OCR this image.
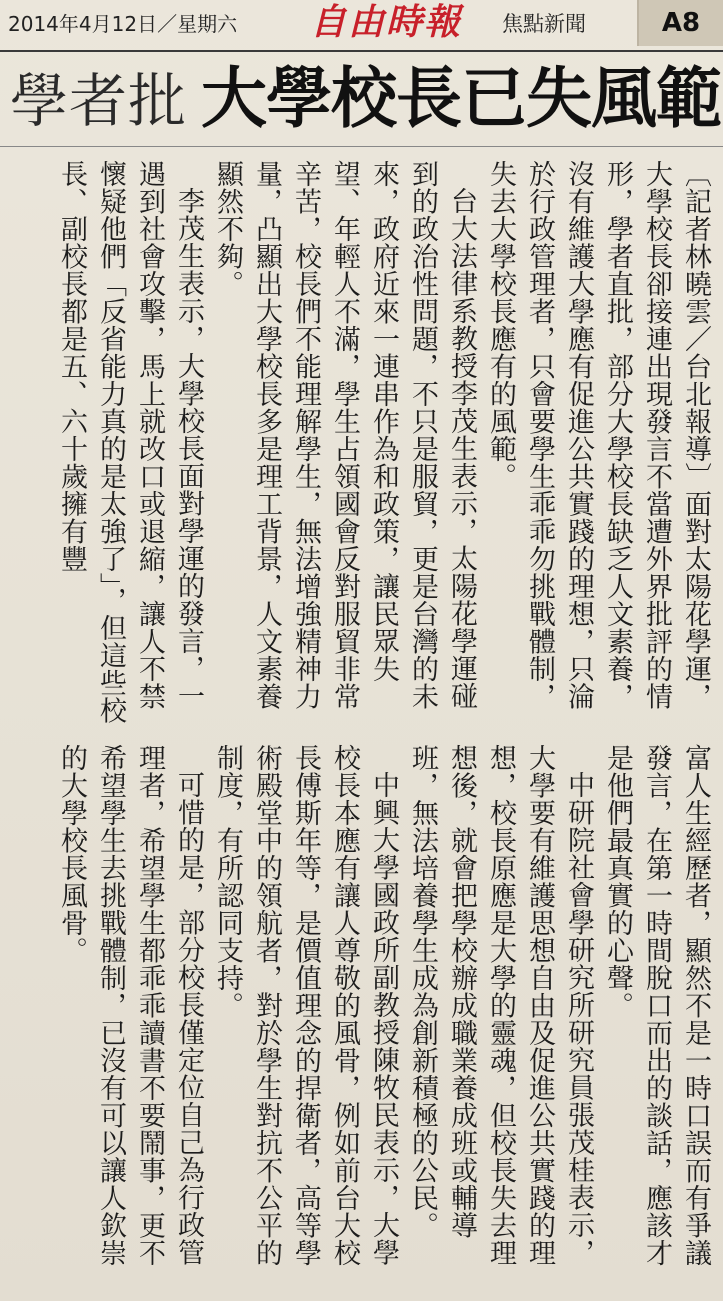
2014年4月12日／星期六 自由時報 焦點新聞	A8
學者批 大學校長已失風範

〔記者林曉雲／台北報導〕面對太陽花學運，大學校長卻接連出現發言不當遭外界批評的情形，學者直批，部分大學校長缺乏人文素養，沒有維護大學應有促進公共實踐的理想，只淪於行政管理者，只會要學生乖乖勿挑戰體制，失去大學校長應有的風範。

台大法律系教授李茂生表示，太陽花學運碰到的政治性問題，不只是服貿，更是台灣的未來，政府近來一連串作為和政策，讓民眾失望、年輕人不滿，學生占領國會反對服貿非常辛苦，校長們不能理解學生，無法增強精神力量，凸顯出大學校長多是理工背景，人文素養顯然不夠。

李茂生表示，大學校長面對學運的發言，一遇到社會攻擊，馬上就改口或退縮，讓人不禁懷疑他們「反省能力真的是太強了」，但這些校長、副校長都是五、六十歲擁有豐

富人生經歷者，顯然不是一時口誤而有爭議發言，在第一時間脫口而出的談話，應該才是他們最真實的心聲。

中研院社會學研究所研究員張茂桂表示，大學要有維護思想自由及促進公共實踐的理想，校長原應是大學的靈魂，但校長失去理想後，就會把學校辦成職業養成班或輔導班，無法培養學生成為創新積極的公民。

中興大學國政所副教授陳牧民表示，大學校長本應有讓人尊敬的風骨，例如前台大校長傅斯年等，是價值理念的捍衛者，高等學術殿堂中的領航者，對於學生對抗不公平的制度，有所認同支持。

可惜的是，部分校長僅定位自己為行政管理者，希望學生都乖乖讀書不要鬧事，更不希望學生去挑戰體制，已沒有可以讓人欽崇的大學校長風骨。
